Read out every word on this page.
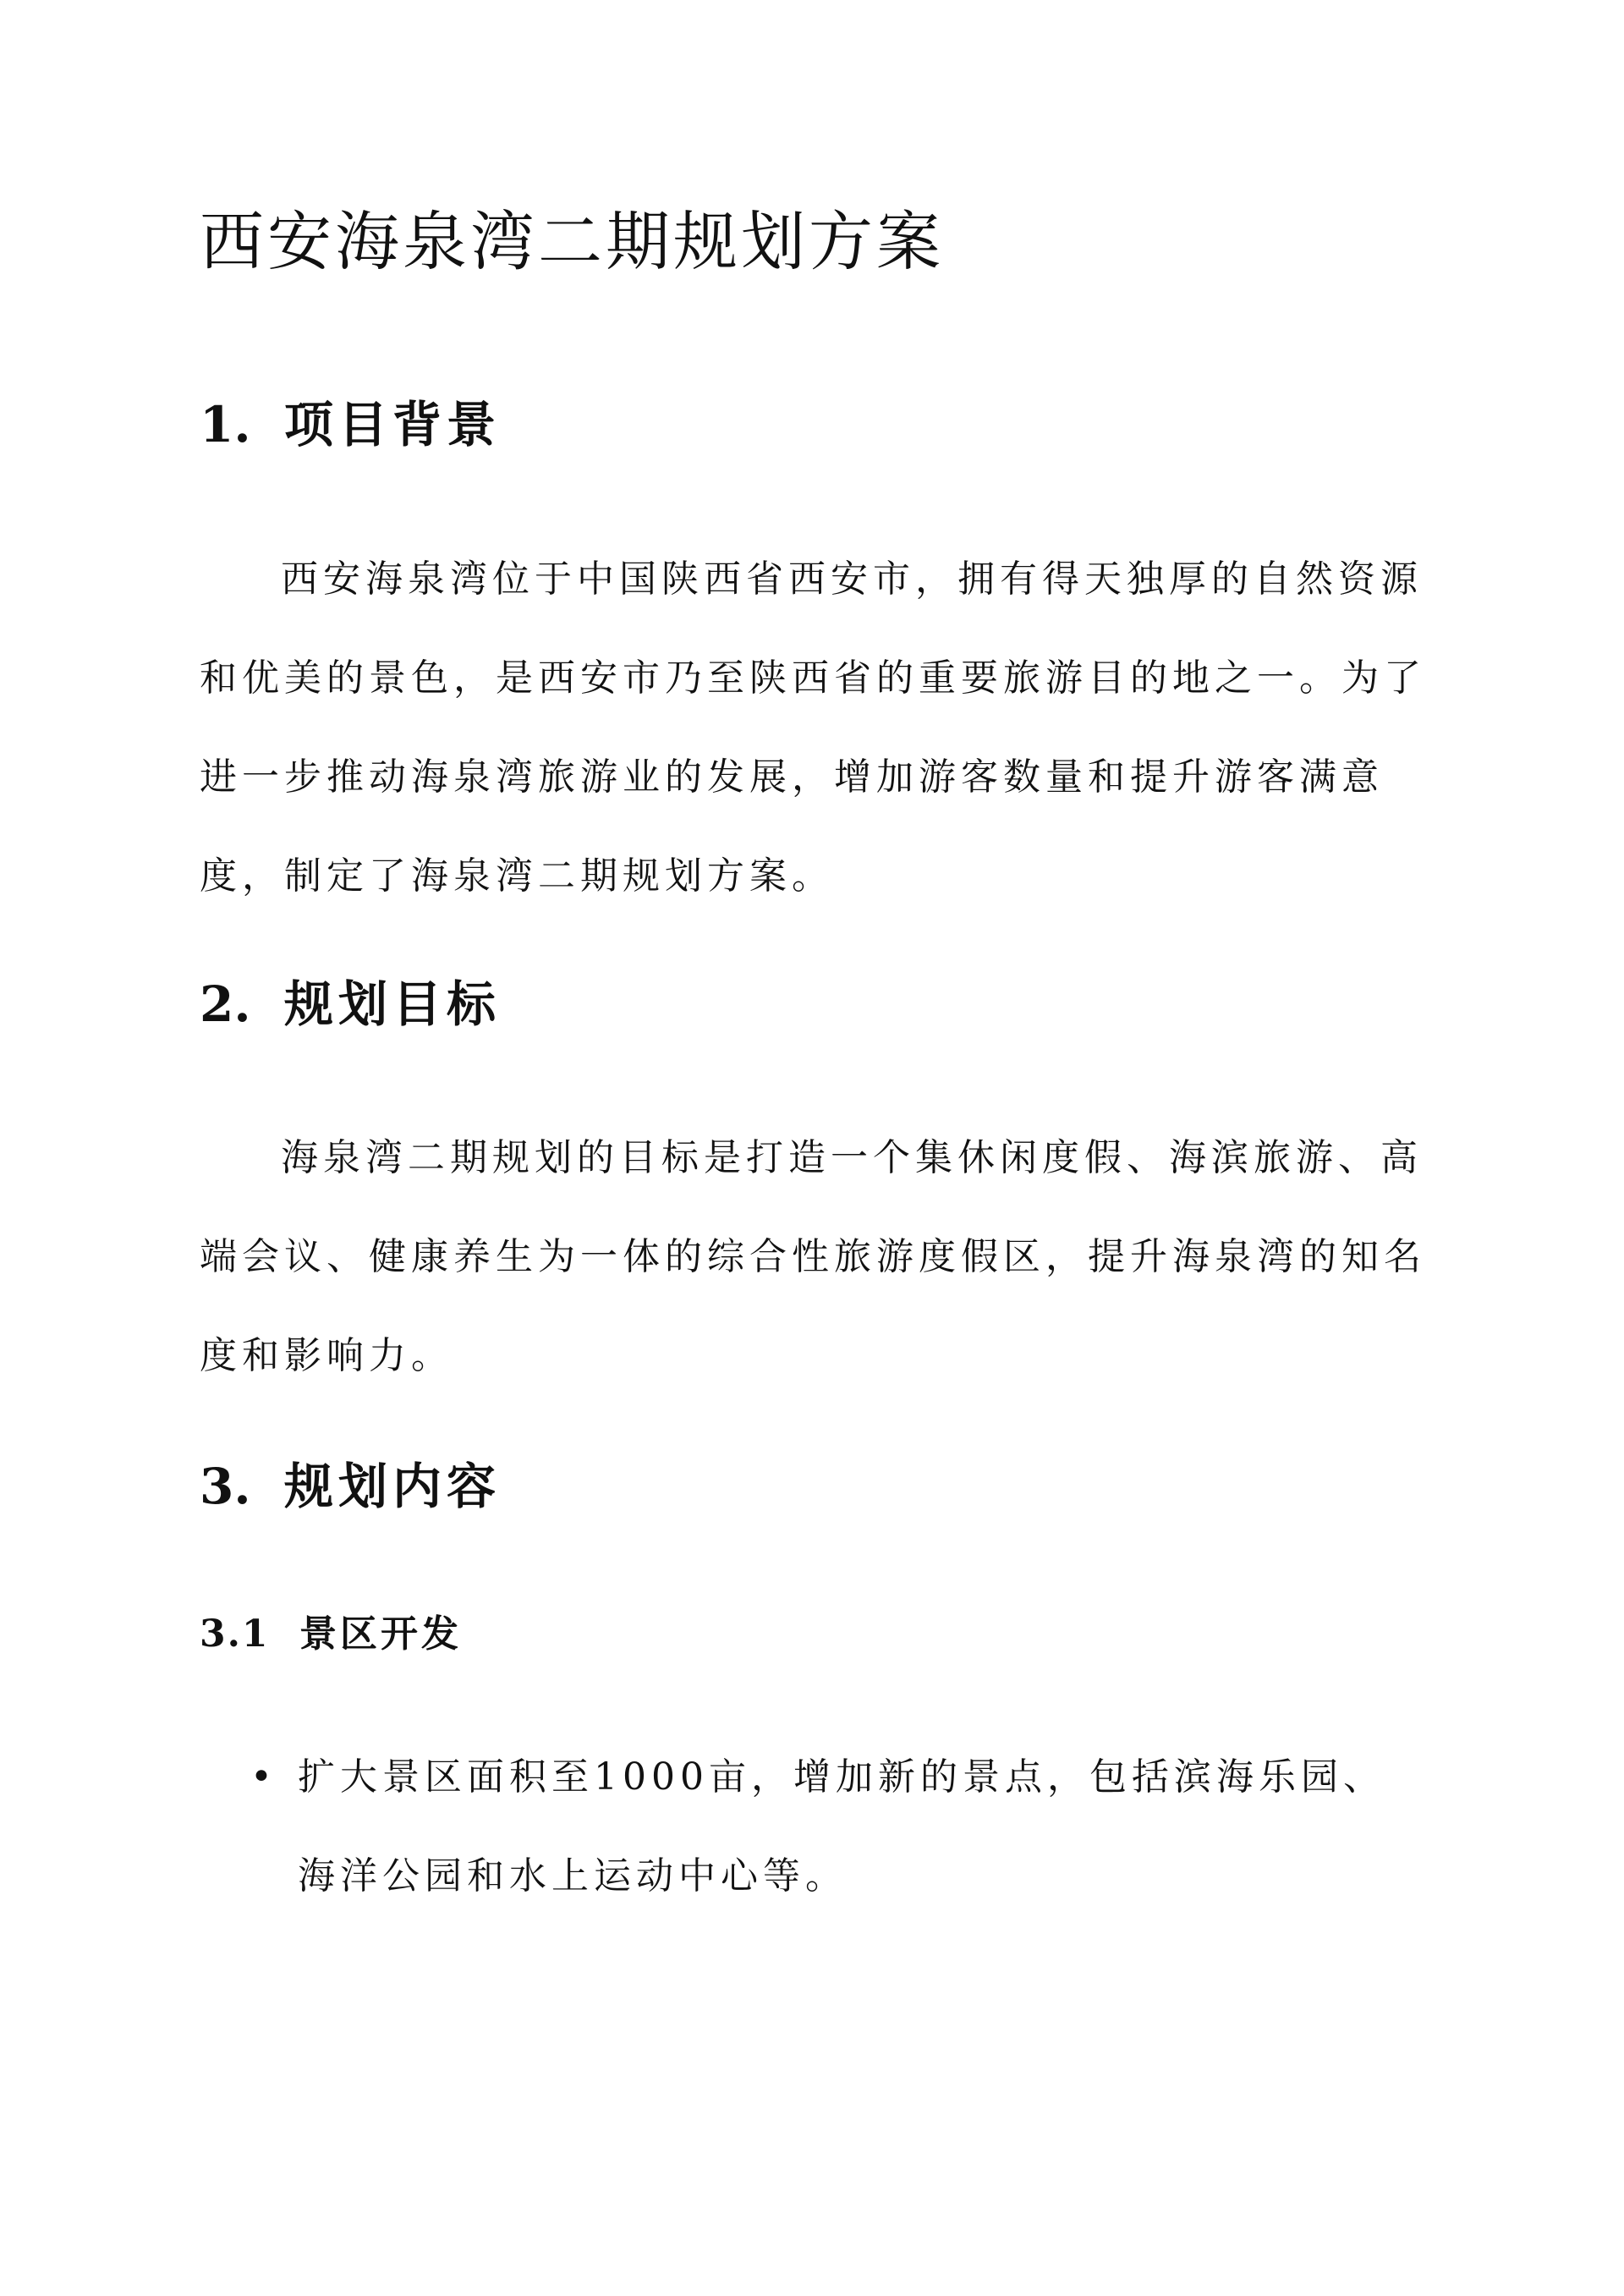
西安海泉湾二期规划方案
1. 项目背景

西安海泉湾位于中国陕西省西安市，拥有得天独厚的自然资源和优美的景色，是西安市乃至陕西省的重要旅游目的地之一。为了进一步推动海泉湾旅游业的发展，增加游客数量和提升游客满意度，制定了海泉湾二期规划方案。

2. 规划目标

海泉湾二期规划的目标是打造一个集休闲度假、海滨旅游、高端会议、健康养生为一体的综合性旅游度假区，提升海泉湾的知名度和影响力。

3. 规划内容
3.1 景区开发
• 扩大景区面积至1000亩，增加新的景点，包括滨海乐园、海洋公园和水上运动中心等。
